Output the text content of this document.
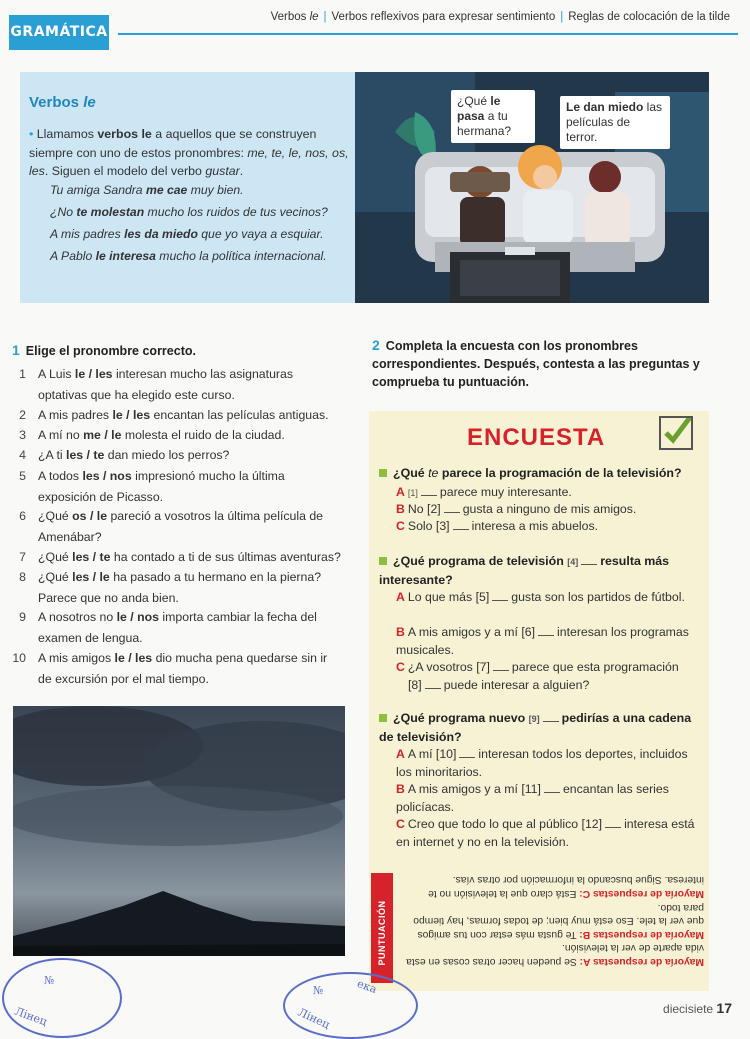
GRAMÁTICA
Verbos le | Verbos reflexivos para expresar sentimiento | Reglas de colocación de la tilde
Verbos le
• Llamamos verbos le a aquellos que se construyen siempre con uno de estos pronombres: me, te, le, nos, os, les. Siguen el modelo del verbo gustar.
Tu amiga Sandra me cae muy bien.
¿No te molestan mucho los ruidos de tus vecinos?
A mis padres les da miedo que yo vaya a esquiar.
A Pablo le interesa mucho la política internacional.
¿Qué le pasa a tu hermana?
Le dan miedo las películas de terror.
1 Elige el pronombre correcto.
1 A Luis le / les interesan mucho las asignaturas optativas que ha elegido este curso.
2 A mis padres le / les encantan las películas antiguas.
3 A mí no me / le molesta el ruido de la ciudad.
4 ¿A ti les / te dan miedo los perros?
5 A todos les / nos impresionó mucho la última exposición de Picasso.
6 ¿Qué os / le pareció a vosotros la última película de Amenábar?
7 ¿Qué les / te ha contado a ti de sus últimas aventuras?
8 ¿Qué les / le ha pasado a tu hermano en la pierna? Parece que no anda bien.
9 A nosotros no le / nos importa cambiar la fecha del examen de lengua.
10 A mis amigos le / les dio mucha pena quedarse sin ir de excursión por el mal tiempo.
2 Completa la encuesta con los pronombres correspondientes. Después, contesta a las preguntas y comprueba tu puntuación.
ENCUESTA
¿Qué te parece la programación de la televisión?
A [1] parece muy interesante.
B No [2] gusta a ninguno de mis amigos.
C Solo [3] interesa a mis abuelos.
¿Qué programa de televisión [4] resulta más interesante?
A Lo que más [5] gusta son los partidos de fútbol.
B A mis amigos y a mí [6] interesan los programas musicales.
C ¿A vosotros [7] parece que esta programación
[8] puede interesar a alguien?
¿Qué programa nuevo [9] pedirías a una cadena de televisión?
A A mí [10] interesan todos los deportes, incluidos los minoritarios.
B A mis amigos y a mí [11] encantan las series policíacas.
C Creo que todo lo que al público [12] interesa está en internet y no en la televisión.
PUNTUACIÓN	Mayoría de respuestas A: Se pueden hacer otras cosas en esta vida aparte de ver la televisión.
Mayoría de respuestas B: Te gusta más estar con tus amigos que ver la tele. Eso está muy bien; de todas formas, hay tiempo para todo.
Mayoría de respuestas C: Está claro que la televisión no te interesa. Sigue buscando la información por otras vías.
diecisiete 17
№
Лінец
№	ека
Лінец
